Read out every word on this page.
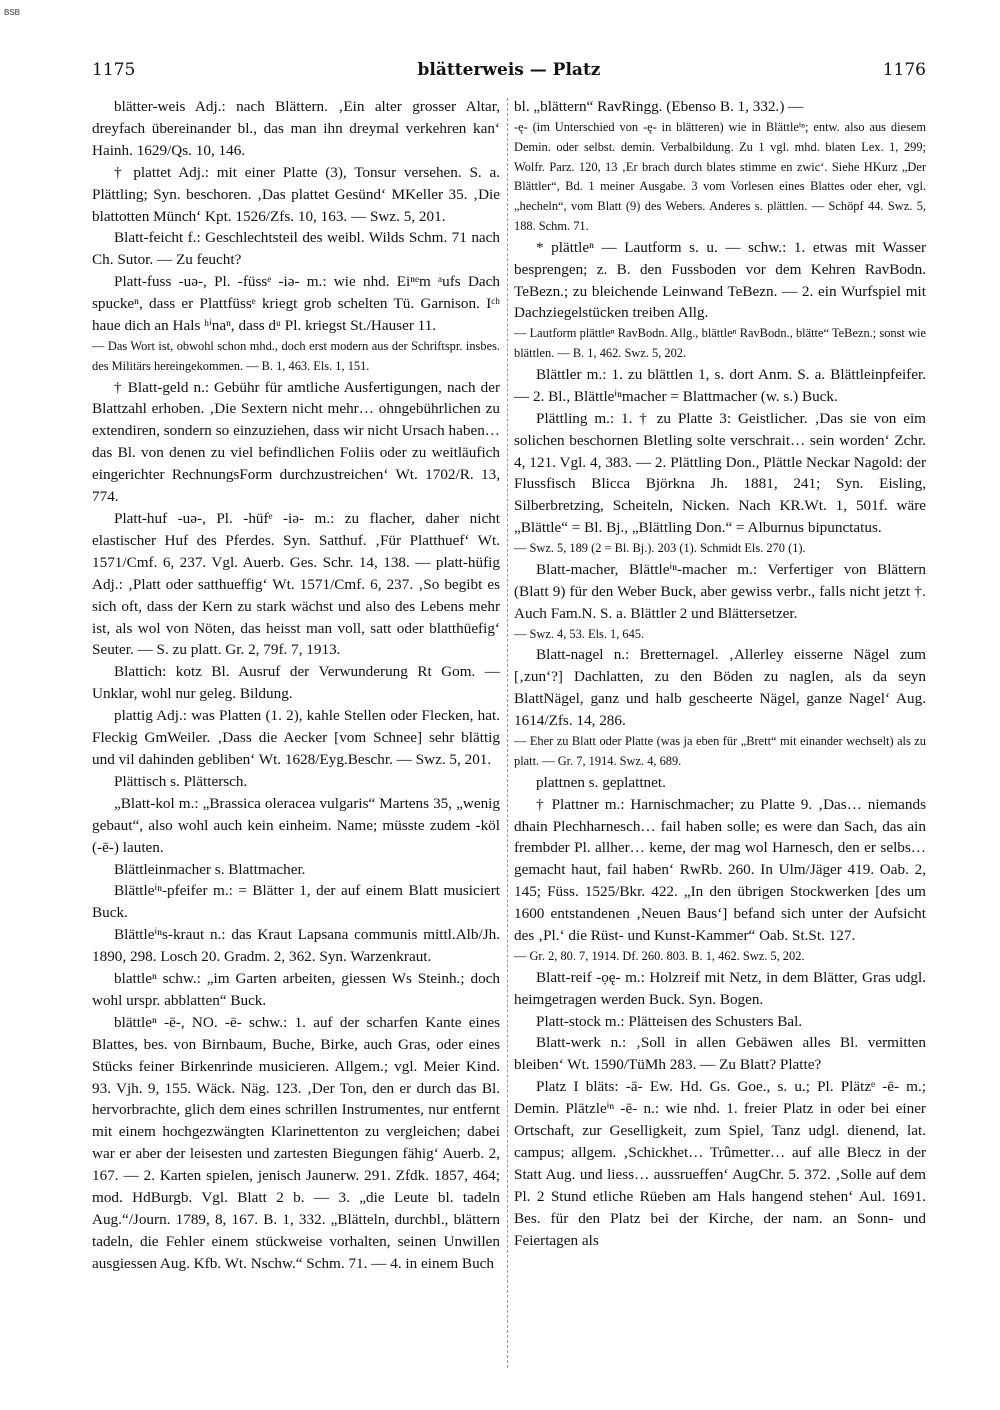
BSB
1175	blätterweis — Platz	1176

blätter-weis Adj.: nach Blättern. ‚Ein alter grosser Altar, dreyfach übereinander bl., das man ihn dreymal verkehren kan‘ Hainh. 1629/Qs. 10, 146.

† plattet Adj.: mit einer Platte (3), Tonsur versehen. S. a. Plättling; Syn. beschoren. ‚Das plattet Gesünd‘ MKeller 35. ‚Die blattotten Münch‘ Kpt. 1526/Zfs. 10, 163. — Swz. 5, 201.

Blatt-feicht f.: Geschlechtsteil des weibl. Wilds Schm. 71 nach Ch. Sutor. — Zu feucht?

Platt-fuss -uə-, Pl. -füssᵉ -iə- m.: wie nhd. Eiⁿᵉm ᵃufs Dach spuckeⁿ, dass er Plattfüssᵉ kriegt grob schelten Tü. Garnison. Iᶜʰ haue dich an Hals ʰⁱnaⁿ, dass dᵘ Pl. kriegst St./Hauser 11.

— Das Wort ist, obwohl schon mhd., doch erst modern aus der Schriftspr. insbes. des Militärs hereingekommen. — B. 1, 463. Els. 1, 151.

† Blatt-geld n.: Gebühr für amtliche Ausfertigungen, nach der Blattzahl erhoben. ‚Die Sextern nicht mehr… ohngebührlichen zu extendiren, sondern so einzuziehen, dass wir nicht Ursach haben… das Bl. von denen zu viel befindlichen Foliis oder zu weitläufich eingerichter RechnungsForm durchzustreichen‘ Wt. 1702/R. 13, 774.

Platt-huf -uə-, Pl. -hüfᵉ -iə- m.: zu flacher, daher nicht elastischer Huf des Pferdes. Syn. Satthuf. ‚Für Platthuef‘ Wt. 1571/Cmf. 6, 237. Vgl. Auerb. Ges. Schr. 14, 138. — platt-hüfig Adj.: ‚Platt oder satthueffig‘ Wt. 1571/Cmf. 6, 237. ‚So begibt es sich oft, dass der Kern zu stark wächst und also des Lebens mehr ist, als wol von Nöten, das heisst man voll, satt oder blatthüefig‘ Seuter. — S. zu platt. Gr. 2, 79f. 7, 1913.

Blattich: kotz Bl. Ausruf der Verwunderung Rt Gom. — Unklar, wohl nur geleg. Bildung.

plattig Adj.: was Platten (1. 2), kahle Stellen oder Flecken, hat. Fleckig GmWeiler. ‚Dass die Aecker [vom Schnee] sehr blättig und vil dahinden gebliben‘ Wt. 1628/Eyg.Beschr. — Swz. 5, 201.

Plättisch s. Plättersch.

„Blatt-kol m.: „Brassica oleracea vulgaris“ Martens 35, „wenig gebaut“, also wohl auch kein einheim. Name; müsste zudem -köl (-ē-) lauten.

Blättleinmacher s. Blattmacher.

Blättleⁱⁿ-pfeifer m.: = Blätter 1, der auf einem Blatt musiciert Buck.

Blättleⁱⁿs-kraut n.: das Kraut Lapsana communis mittl.Alb/Jh. 1890, 298. Losch 20. Gradm. 2, 362. Syn. Warzenkraut.

blattleⁿ schw.: „im Garten arbeiten, giessen Ws Steinh.; doch wohl urspr. abblatten“ Buck.

blättleⁿ -ē-, NO. -ē- schw.: 1. auf der scharfen Kante eines Blattes, bes. von Birnbaum, Buche, Birke, auch Gras, oder eines Stücks feiner Birkenrinde musicieren. Allgem.; vgl. Meier Kind. 93. Vjh. 9, 155. Wäck. Näg. 123. ‚Der Ton, den er durch das Bl. hervorbrachte, glich dem eines schrillen Instrumentes, nur entfernt mit einem hochgezwängten Klarinettenton zu vergleichen; dabei war er aber der leisesten und zartesten Biegungen fähig‘ Auerb. 2, 167. — 2. Karten spielen, jenisch Jaunerw. 291. Zfdk. 1857, 464; mod. HdBurgb. Vgl. Blatt 2 b. — 3. „die Leute bl. tadeln Aug.“/Journ. 1789, 8, 167. B. 1, 332. „Blätteln, durchbl., blättern tadeln, die Fehler einem stückweise vorhalten, seinen Unwillen ausgiessen Aug. Kfb. Wt. Nschw.“ Schm. 71. — 4. in einem Buch

bl. „blättern“ RavRingg. (Ebenso B. 1, 332.) —

-ę- (im Unterschied von -ę- in blätteren) wie in Blättleⁱⁿ; entw. also aus diesem Demin. oder selbst. demin. Verbalbildung. Zu 1 vgl. mhd. blaten Lex. 1, 299; Wolfr. Parz. 120, 13 ‚Er brach durch blates stimme en zwic‘. Siehe HKurz „Der Blättler“, Bd. 1 meiner Ausgabe. 3 vom Vorlesen eines Blattes oder eher, vgl. „hecheln“, vom Blatt (9) des Webers. Anderes s. plättlen. — Schöpf 44. Swz. 5, 188. Schm. 71.

* plättleⁿ — Lautform s. u. — schw.: 1. etwas mit Wasser besprengen; z. B. den Fussboden vor dem Kehren RavBodn. TeBezn.; zu bleichende Leinwand TeBezn. — 2. ein Wurfspiel mit Dachziegelstücken treiben Allg.

— Lautform plättleⁿ RavBodn. Allg., blättleⁿ RavBodn., blätte“ TeBezn.; sonst wie blättlen. — B. 1, 462. Swz. 5, 202.

Blättler m.: 1. zu blättlen 1, s. dort Anm. S. a. Blättleinpfeifer. — 2. Bl., Blättleⁱⁿmacher = Blattmacher (w. s.) Buck.

Plättling m.: 1. † zu Platte 3: Geistlicher. ‚Das sie von eim solichen beschornen Bletling solte verschrait… sein worden‘ Zchr. 4, 121. Vgl. 4, 383. — 2. Plättling Don., Plättle Neckar Nagold: der Flussfisch Blicca Björkna Jh. 1881, 241; Syn. Eisling, Silberbretzing, Scheiteln, Nicken. Nach KR.Wt. 1, 501f. wäre „Blättle“ = Bl. Bj., „Blättling Don.“ = Alburnus bipunctatus.

— Swz. 5, 189 (2 = Bl. Bj.). 203 (1). Schmidt Els. 270 (1).

Blatt-macher, Blättleⁱⁿ-macher m.: Verfertiger von Blättern (Blatt 9) für den Weber Buck, aber gewiss verbr., falls nicht jetzt †. Auch Fam.N. S. a. Blättler 2 und Blättersetzer.

— Swz. 4, 53. Els. 1, 645.

Blatt-nagel n.: Bretternagel. ‚Allerley eisserne Nägel zum [‚zun‘?] Dachlatten, zu den Böden zu naglen, als da seyn BlattNägel, ganz und halb gescheerte Nägel, ganze Nagel‘ Aug. 1614/Zfs. 14, 286.

— Eher zu Blatt oder Platte (was ja eben für „Brett“ mit einander wechselt) als zu platt. — Gr. 7, 1914. Swz. 4, 689.

plattnen s. geplattnet.

† Plattner m.: Harnischmacher; zu Platte 9. ‚Das… niemands dhain Plechharnesch… fail haben solle; es were dan Sach, das ain frembder Pl. allher… keme, der mag wol Harnesch, den er selbs… gemacht haut, fail haben‘ RwRb. 260. In Ulm/Jäger 419. Oab. 2, 145; Füss. 1525/Bkr. 422. „In den übrigen Stockwerken [des um 1600 entstandenen ‚Neuen Baus‘] befand sich unter der Aufsicht des ‚Pl.‘ die Rüst- und Kunst-Kammer“ Oab. St.St. 127.

— Gr. 2, 80. 7, 1914. Df. 260. 803. B. 1, 462. Swz. 5, 202.

Blatt-reif -ọę- m.: Holzreif mit Netz, in dem Blätter, Gras udgl. heimgetragen werden Buck. Syn. Bogen.

Platt-stock m.: Plätteisen des Schusters Bal.

Blatt-werk n.: ‚Soll in allen Gebäwen alles Bl. vermitten bleiben‘ Wt. 1590/TüMh 283. — Zu Blatt? Platte?

Platz I bläts: -ā- Ew. Hd. Gs. Goe., s. u.; Pl. Plätzᵉ -ē- m.; Demin. Plätzleⁱⁿ -ē- n.: wie nhd. 1. freier Platz in oder bei einer Ortschaft, zur Geselligkeit, zum Spiel, Tanz udgl. dienend, lat. campus; allgem. ‚Schickhet… Trûmetter… auf alle Blecz in der Statt Aug. und liess… aussrueffen‘ AugChr. 5. 372. ‚Solle auf dem Pl. 2 Stund etliche Rüeben am Hals hangend stehen‘ Aul. 1691. Bes. für den Platz bei der Kirche, der nam. an Sonn- und Feiertagen als
